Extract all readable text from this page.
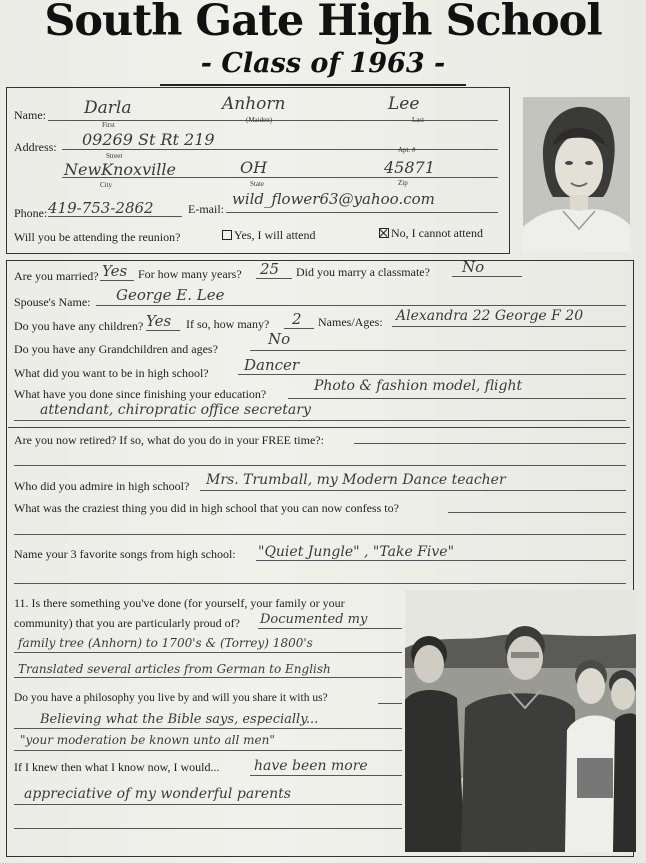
South Gate High School
- Class of 1963 -
Name: Darla	Anhorn	Lee
First
(Maiden)	Last
Address: 09269 St Rt 219
Street
Apt. #
NewKnoxville	OH	45871
City	State	Zip
Phone: 419-753-2862	E-mail:
wild_flower63@yahoo.com
Will you be attending the reunion?	Yes, I will attend	No, I cannot attend
Are you married? Yes For how many years? 25 Did you marry a classmate? No
Spouse's Name: George E. Lee
Do you have any children? Yes If so, how many? 2 Names/Ages: Alexandra 22 George F 20
Do you have any Grandchildren and ages?
No
What did you want to be in high school? Dancer
What have you done since finishing your education?	Photo & fashion model, flight
attendant, chiropratic office secretary
Are you now retired? If so, what do you do in your FREE time?:
Who did you admire in high school? Mrs. Trumball, my Modern Dance teacher
What was the craziest thing you did in high school that you can now confess to?
Name your 3 favorite songs from high school: "Quiet Jungle" , "Take Five"
11. Is there something you've done (for yourself, your family or your
community) that you are particularly proud of? Documented my
family tree (Anhorn) to 1700's & (Torrey) 1800's
Translated several articles from German to English
Do you have a philosophy you live by and will you share it with us?
Believing what the Bible says, especially...
"your moderation be known unto all men"
If I knew then what I know now, I would... have been more
appreciative of my wonderful parents
